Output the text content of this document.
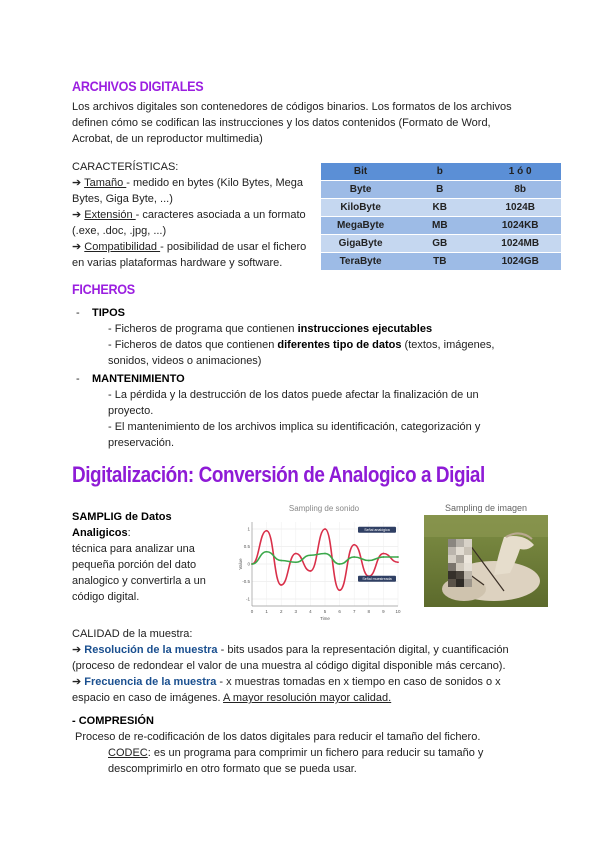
ARCHIVOS DIGITALES
Los archivos digitales son contenedores de códigos binarios. Los formatos de los archivos
definen cómo se codifican las instrucciones y los datos contenidos (Formato de Word,
Acrobat, de un reproductor multimedia)
CARACTERÍSTICAS:
➔ Tamaño - medido en bytes (Kilo Bytes, Mega
Bytes, Giga Byte, ...)
➔ Extensión - caracteres asociada a un formato
(.exe, .doc, .jpg, ...)
➔ Compatibilidad - posibilidad de usar el fichero
en varias plataformas hardware y software.
Bit	b	1 ó 0
Byte	B	8b
KiloByte	KB	1024B
MegaByte	MB	1024KB
GigaByte	GB	1024MB
TeraByte	TB	1024GB
FICHEROS
- TIPOS
- Ficheros de programa que contienen instrucciones ejecutables
- Ficheros de datos que contienen diferentes tipo de datos (textos, imágenes,
sonidos, videos o animaciones)
- MANTENIMIENTO
- La pérdida y la destrucción de los datos puede afectar la finalización de un
proyecto.
- El mantenimiento de los archivos implica su identificación, categorización y
preservación.
Digitalización: Conversión de Analogico a Digial
SAMPLIG de Datos
Analigicos:
técnica para analizar una
pequeña porción del dato
analogico y convertirla a un
código digital.
Sampling de sonido
0	1	2	3	4	5	6	7	8	9 10
1
0.5
0
-0.5
-1
Time
Value
Señal analógica
Señal muestreada
Sampling de imagen
CALIDAD de la muestra:
➔ Resolución de la muestra - bits usados para la representación digital, y cuantificación
(proceso de redondear el valor de una muestra al código digital disponible más cercano).
➔ Frecuencia de la muestra - x muestras tomadas en x tiempo en caso de sonidos o x
espacio en caso de imágenes. A mayor resolución mayor calidad.
- COMPRESIÓN
Proceso de re-codificación de los datos digitales para reducir el tamaño del fichero.
CODEC: es un programa para comprimir un fichero para reducir su tamaño y
descomprimirlo en otro formato que se pueda usar.
